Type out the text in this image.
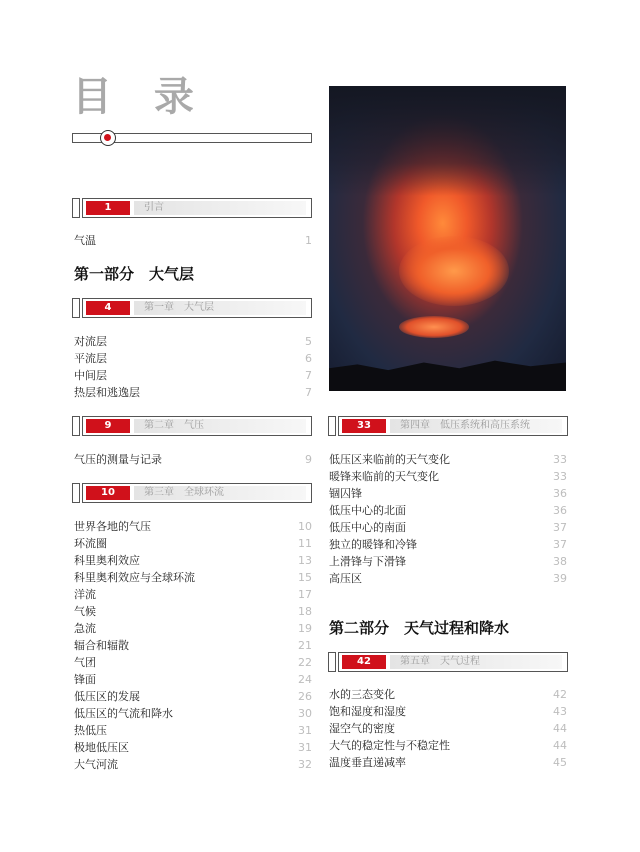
目 录
1	引言
气温	1
第一部分　大气层
4	第一章　大气层
对流层	5
平流层	6
中间层	7
热层和逃逸层	7
9	第二章　气压
气压的测量与记录	9
10	第三章　全球环流
世界各地的气压	10
环流圈	11
科里奥利效应	13
科里奥利效应与全球环流	15
洋流	17
气候	18
急流	19
辐合和辐散	21
气团	22
锋面	24
低压区的发展	26
低压区的气流和降水	30
热低压	31
极地低压区	31
大气河流	32
33	第四章　低压系统和高压系统
低压区来临前的天气变化	33
暖锋来临前的天气变化	33
锢囚锋	36
低压中心的北面	36
低压中心的南面	37
独立的暖锋和冷锋	37
上滑锋与下滑锋	38
高压区	39
第二部分　天气过程和降水
42	第五章　天气过程
水的三态变化	42
饱和湿度和湿度	43
湿空气的密度	44
大气的稳定性与不稳定性	44
温度垂直递减率	45
